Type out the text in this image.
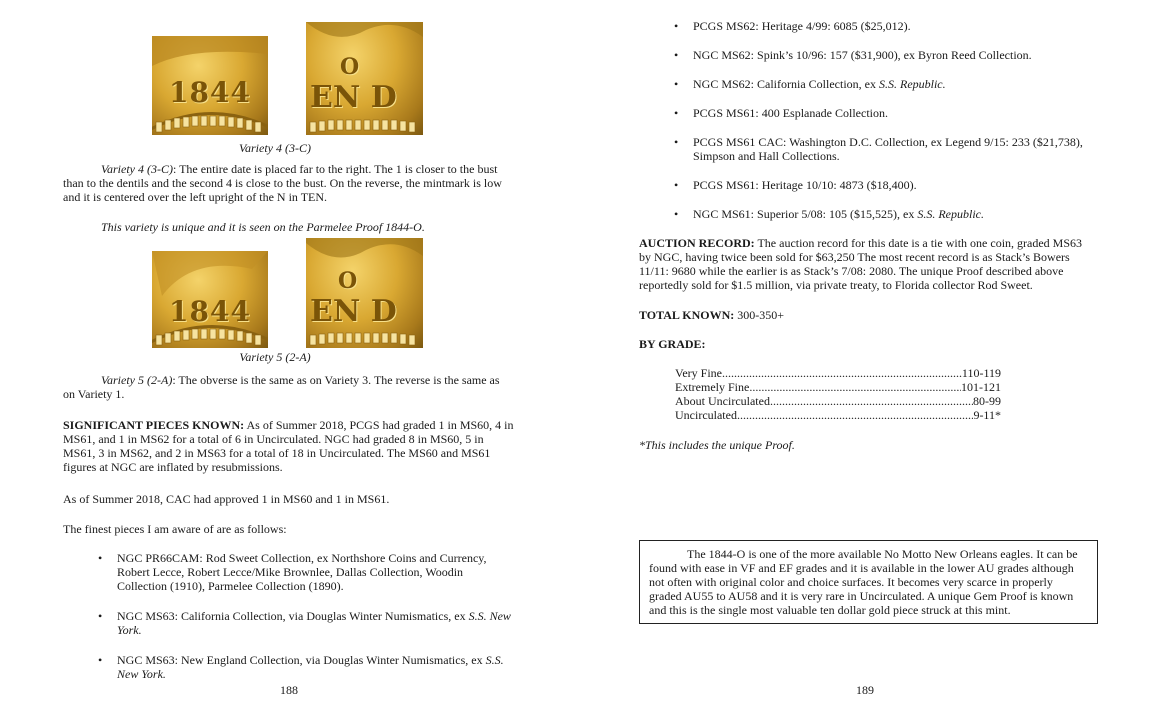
1844
O
EN D
Variety 4 (3-C)

Variety 4 (3-C): The entire date is placed far to the right. The 1 is closer to the bust than to the dentils and the second 4 is close to the bust. On the reverse, the mintmark is low and it is centered over the left upright of the N in TEN.

This variety is unique and it is seen on the Parmelee Proof 1844-O.

1844
O
EN D
Variety 5 (2-A)

Variety 5 (2-A): The obverse is the same as on Variety 3. The reverse is the same as on Variety 1.

SIGNIFICANT PIECES KNOWN: As of Summer 2018, PCGS had graded 1 in MS60, 4 in MS61, and 1 in MS62 for a total of 6 in Uncirculated. NGC had graded 8 in MS60, 5 in MS61, 3 in MS62, and 2 in MS63 for a total of 18 in Uncirculated. The MS60 and MS61 figures at NGC are inflated by resubmissions.

As of Summer 2018, CAC had approved 1 in MS60 and 1 in MS61.

The finest pieces I am aware of are as follows:

• NGC PR66CAM: Rod Sweet Collection, ex Northshore Coins and Currency, Robert Lecce, Robert Lecce/Mike Brownlee, Dallas Collection, Woodin Collection (1910), Parmelee Collection (1890).
• NGC MS63: California Collection, via Douglas Winter Numismatics, ex S.S. New York.
• NGC MS63: New England Collection, via Douglas Winter Numismatics, ex S.S. New York.
188
• PCGS MS62: Heritage 4/99: 6085 ($25,012).
• NGC MS62: Spink’s 10/96: 157 ($31,900), ex Byron Reed Collection.
• NGC MS62: California Collection, ex S.S. Republic.
• PCGS MS61: 400 Esplanade Collection.
• PCGS MS61 CAC: Washington D.C. Collection, ex Legend 9/15: 233 ($21,738), Simpson and Hall Collections.
• PCGS MS61: Heritage 10/10: 4873 ($18,400).
• NGC MS61: Superior 5/08: 105 ($15,525), ex S.S. Republic.

AUCTION RECORD: The auction record for this date is a tie with one coin, graded MS63 by NGC, having twice been sold for $63,250 The most recent record is as Stack’s Bowers 11/11: 9680 while the earlier is as Stack’s 7/08: 2080. The unique Proof described above reportedly sold for $1.5 million, via private treaty, to Florida collector Rod Sweet.

TOTAL KNOWN: 300-350+

BY GRADE:

Very Fine .....	110-119
Extremely Fine .....	101-121
About Uncirculated .....	80-99
Uncirculated .....	9-11*

*This includes the unique Proof.

189

The 1844-O is one of the more available No Motto New Orleans eagles. It can be found with ease in VF and EF grades and it is available in the lower AU grades although not often with original color and choice surfaces. It becomes very scarce in properly graded AU55 to AU58 and it is very rare in Uncirculated. A unique Gem Proof is known and this is the single most valuable ten dollar gold piece struck at this mint.
